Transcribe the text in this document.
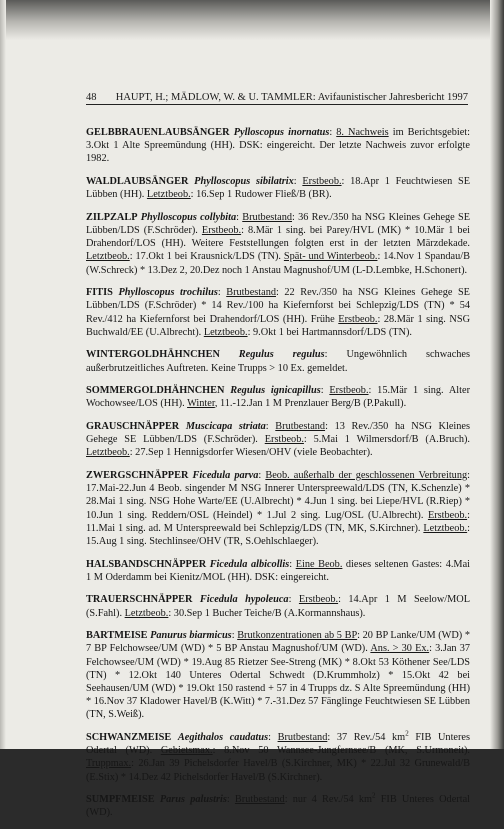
48 HAUPT, H.; MÄDLOW, W. & U. TAMMLER: Avifaunistischer Jahresbericht 1997

GELBBRAUENLAUBSÄNGER Pylloscopus inornatus: 8. Nachweis im Berichtsgebiet: 3.Okt 1 Alte Spreemündung (HH). DSK: eingereicht. Der letzte Nachweis zuvor erfolgte 1982.

WALDLAUBSÄNGER Phylloscopus sibilatrix: Erstbeob.: 18.Apr 1 Feuchtwiesen SE Lübben (HH). Letztbeob.: 16.Sep 1 Rudower Fließ/B (BR).

ZILPZALP Phylloscopus collybita: Brutbestand: 36 Rev./350 ha NSG Kleines Gehege SE Lübben/LDS (F.Schröder). Erstbeob.: 8.Mär 1 sing. bei Parey/HVL (MK) * 10.Mär 1 bei Drahendorf/LOS (HH). Weitere Feststellungen folgten erst in der letzten Märzdekade. Letztbeob.: 17.Okt 1 bei Krausnick/LDS (TN). Spät- und Winterbeob.: 14.Nov 1 Spandau/B (W.Schreck) * 13.Dez 2, 20.Dez noch 1 Anstau Magnushof/UM (L-D.Lembke, H.Schonert).

FITIS Phylloscopus trochilus: Brutbestand: 22 Rev./350 ha NSG Kleines Gehege SE Lübben/LDS (F.Schröder) * 14 Rev./100 ha Kiefernforst bei Schlepzig/LDS (TN) * 54 Rev./412 ha Kiefernforst bei Drahendorf/LOS (HH). Frühe Erstbeob.: 28.Mär 1 sing. NSG Buchwald/EE (U.Albrecht). Letztbeob.: 9.Okt 1 bei Hartmannsdorf/LDS (TN).

WINTERGOLDHÄHNCHEN Regulus regulus: Ungewöhnlich schwaches außerbrutzeitliches Auftreten. Keine Trupps > 10 Ex. gemeldet.

SOMMERGOLDHÄHNCHEN Regulus ignicapillus: Erstbeob.: 15.Mär 1 sing. Alter Wochowsee/LOS (HH). Winter, 11.-12.Jan 1 M Prenzlauer Berg/B (P.Pakull).

GRAUSCHNÄPPER Muscicapa striata: Brutbestand: 13 Rev./350 ha NSG Kleines Gehege SE Lübben/LDS (F.Schröder). Erstbeob.: 5.Mai 1 Wilmersdorf/B (A.Bruch). Letztbeob.: 27.Sep 1 Hennigsdorfer Wiesen/OHV (viele Beobachter).

ZWERGSCHNÄPPER Ficedula parva: Beob. außerhalb der geschlossenen Verbreitung: 17.Mai-22.Jun 4 Beob. singender M NSG Innerer Unterspreewald/LDS (TN, K.Schenzle) * 28.Mai 1 sing. NSG Hohe Warte/EE (U.Albrecht) * 4.Jun 1 sing. bei Liepe/HVL (R.Riep) * 10.Jun 1 sing. Reddern/OSL (Heindel) * 1.Jul 2 sing. Lug/OSL (U.Albrecht). Erstbeob.: 11.Mai 1 sing. ad. M Unterspreewald bei Schlepzig/LDS (TN, MK, S.Kirchner). Letztbeob.: 15.Aug 1 sing. Stechlinsee/OHV (TR, S.Oehlschlaeger).

HALSBANDSCHNÄPPER Ficedula albicollis: Eine Beob. dieses seltenen Gastes: 4.Mai 1 M Oderdamm bei Kienitz/MOL (HH). DSK: eingereicht.

TRAUERSCHNÄPPER Ficedula hypoleuca: Erstbeob.: 14.Apr 1 M Seelow/MOL (S.Fahl). Letztbeob.: 30.Sep 1 Bucher Teiche/B (A.Kormannshaus).

BARTMEISE Panurus biarmicus: Brutkonzentrationen ab 5 BP: 20 BP Lanke/UM (WD) * 7 BP Felchowsee/UM (WD) * 5 BP Anstau Magnushof/UM (WD). Ans. > 30 Ex.: 3.Jan 37 Felchowsee/UM (WD) * 19.Aug 85 Rietzer See-Streng (MK) * 8.Okt 53 Köthener See/LDS (TN) * 12.Okt 140 Unteres Odertal Schwedt (D.Krummholz) * 15.Okt 42 bei Seehausen/UM (WD) * 19.Okt 150 rastend + 57 in 4 Trupps dz. S Alte Spreemündung (HH) * 16.Nov 37 Kladower Havel/B (K.Witt) * 7.-31.Dez 57 Fänglinge Feuchtwiesen SE Lübben (TN, S.Weiß).

SCHWANZMEISE Aegithalos caudatus: Brutbestand: 37 Rev./54 $km^2$ FIB Unteres Odertal (WD). Gebietsmax.: 8.Nov 50 Wannsee-Jungfernsee/B (MK, S.Urmoneit). Truppmax.: 26.Jan 39 Pichelsdorfer Havel/B (S.Kirchner, MK) * 22.Jul 32 Grunewald/B (E.Stix) * 14.Dez 42 Pichelsdorfer Havel/B (S.Kirchner).

SUMPFMEISE Parus palustris: Brutbestand: nur 4 Rev./54 $km^2$ FIB Unteres Odertal (WD).
